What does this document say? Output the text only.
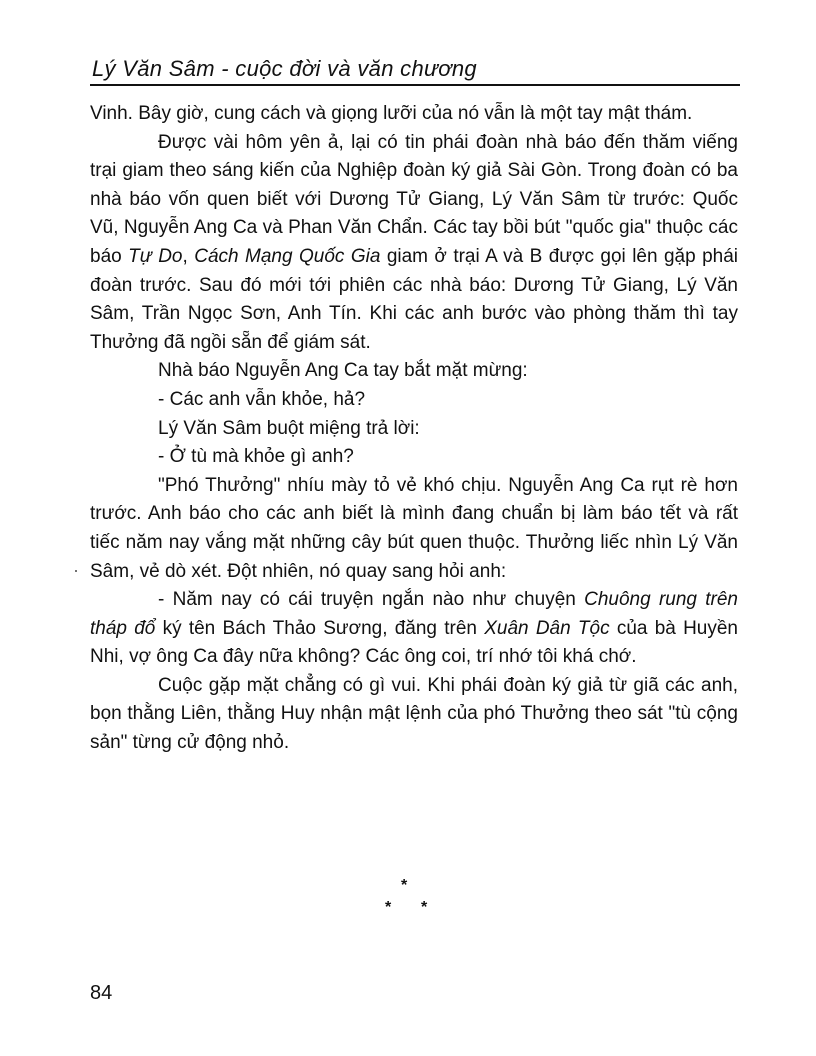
Lý Văn Sâm - cuộc đời và văn chương

Vinh. Bây giờ, cung cách và giọng lưỡi của nó vẫn là một tay mật thám.

Được vài hôm yên ả, lại có tin phái đoàn nhà báo đến thăm viếng trại giam theo sáng kiến của Nghiệp đoàn ký giả Sài Gòn. Trong đoàn có ba nhà báo vốn quen biết với Dương Tử Giang, Lý Văn Sâm từ trước: Quốc Vũ, Nguyễn Ang Ca và Phan Văn Chẩn. Các tay bồi bút "quốc gia" thuộc các báo Tự Do, Cách Mạng Quốc Gia giam ở trại A và B được gọi lên gặp phái đoàn trước. Sau đó mới tới phiên các nhà báo: Dương Tử Giang, Lý Văn Sâm, Trần Ngọc Sơn, Anh Tín. Khi các anh bước vào phòng thăm thì tay Thưởng đã ngồi sẵn để giám sát.

Nhà báo Nguyễn Ang Ca tay bắt mặt mừng:

- Các anh vẫn khỏe, hả?

Lý Văn Sâm buột miệng trả lời:

- Ở tù mà khỏe gì anh?

"Phó Thưởng" nhíu mày tỏ vẻ khó chịu. Nguyễn Ang Ca rụt rè hơn trước. Anh báo cho các anh biết là mình đang chuẩn bị làm báo tết và rất tiếc năm nay vắng mặt những cây bút quen thuộc. Thưởng liếc nhìn Lý Văn Sâm, vẻ dò xét. Đột nhiên, nó quay sang hỏi anh:

- Năm nay có cái truyện ngắn nào như chuyện Chuông rung trên tháp đổ ký tên Bách Thảo Sương, đăng trên Xuân Dân Tộc của bà Huyền Nhi, vợ ông Ca đây nữa không? Các ông coi, trí nhớ tôi khá chớ.

Cuộc gặp mặt chẳng có gì vui. Khi phái đoàn ký giả từ giã các anh, bọn thằng Liên, thằng Huy nhận mật lệnh của phó Thưởng theo sát "tù cộng sản" từng cử động nhỏ.

*
* *
84
